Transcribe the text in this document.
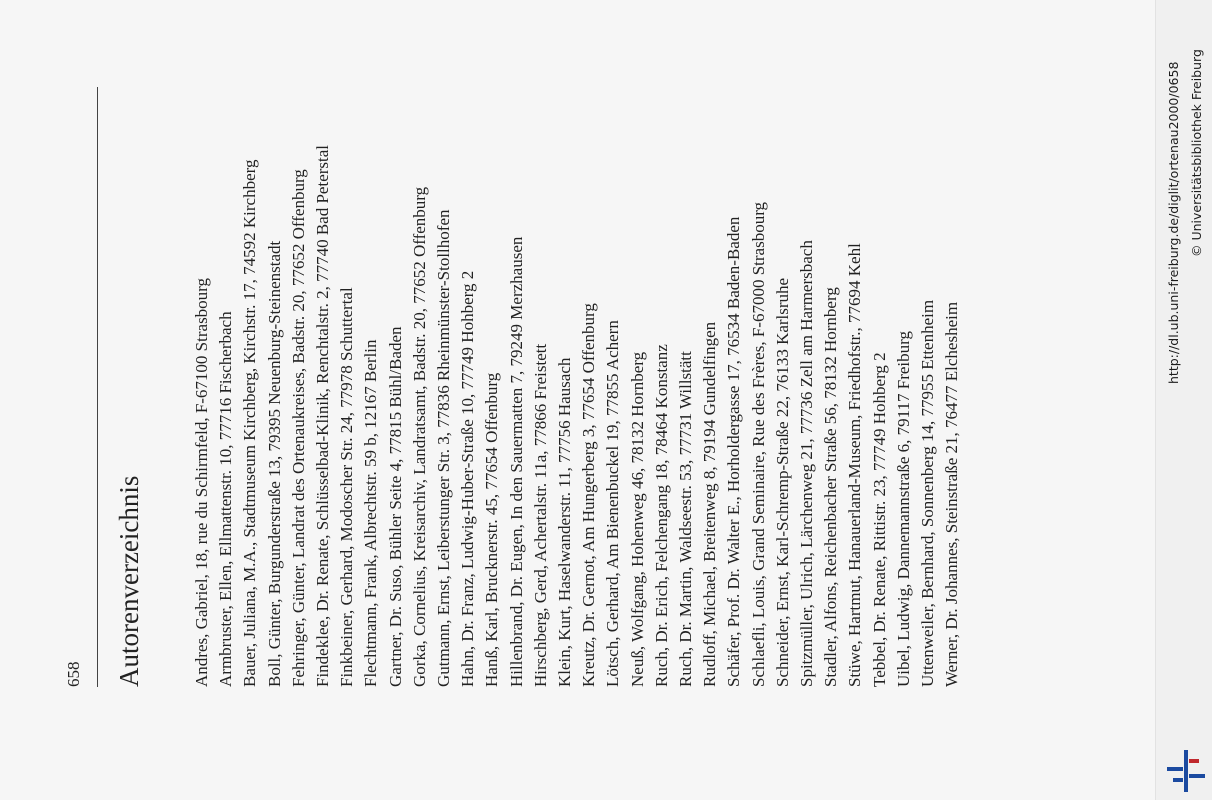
658 Autorenverzeichnis	Andres, Gabriel, 18, rue du Schirmfeld, F-67100 Strasbourg Armbruster, Ellen, Ellmattenstr. 10, 77716 Fischerbach Bauer, Juliana, M.A., Stadtmuseum Kirchberg, Kirchstr. 17, 74592 Kirchberg Boll, Günter, Burgunderstraße 13, 79395 Neuenburg-Steinenstadt Fehringer, Günter, Landrat des Ortenaukreises, Badstr. 20, 77652 Offenburg Findeklee, Dr. Renate, Schlüsselbad-Klinik, Renchtalstr. 2, 77740 Bad Peterstal Finkbeiner, Gerhard, Modoscher Str. 24, 77978 Schuttertal Flechtmann, Frank, Albrechtstr. 59 b, 12167 Berlin Gartner, Dr. Suso, Bühler Seite 4, 77815 Bühl/Baden Gorka, Cornelius, Kreisarchiv, Landratsamt, Badstr. 20, 77652 Offenburg Gutmann, Ernst, Leiberstunger Str. 3, 77836 Rheinmünster-Stollhofen Hahn, Dr. Franz, Ludwig-Huber-Straße 10, 77749 Hohberg 2 Hanß, Karl, Brucknerstr. 45, 77654 Offenburg Hillenbrand, Dr. Eugen, In den Sauermatten 7, 79249 Merzhausen Hirschberg, Gerd, Achertalstr. 11a, 77866 Freistett Klein, Kurt, Haselwanderstr. 11, 77756 Hausach Kreutz, Dr. Gernot, Am Hungerberg 3, 77654 Offenburg Lötsch, Gerhard, Am Bienenbuckel 19, 77855 Achern Neuß, Wolfgang, Hohenweg 46, 78132 Hornberg Ruch, Dr. Erich, Felchengang 18, 78464 Konstanz Ruch, Dr. Martin, Waldseestr. 53, 77731 Willstätt Rudloff, Michael, Breitenweg 8, 79194 Gundelfingen Schäfer, Prof. Dr. Walter E., Horholdergasse 17, 76534 Baden-Baden Schlaefli, Louis, Grand Seminaire, Rue des Frères, F-67000 Strasbourg Schneider, Ernst, Karl-Schremp-Straße 22, 76133 Karlsruhe Spitzmüller, Ulrich, Lärchenweg 21, 77736 Zell am Harmersbach Stadler, Alfons, Reichenbacher Straße 56, 78132 Hornberg Stüwe, Hartmut, Hanauerland-Museum, Friedhofstr., 77694 Kehl Tebbel, Dr. Renate, Rittistr. 23, 77749 Hohberg 2 Uibel, Ludwig, Dannemannstraße 6, 79117 Freiburg Uttenweiler, Bernhard, Sonnenberg 14, 77955 Ettenheim Werner, Dr. Johannes, Steinstraße 21, 76477 Elchesheim
http://dl.ub.uni-freiburg.de/diglit/ortenau2000/0658 © Universitätsbibliothek Freiburg
